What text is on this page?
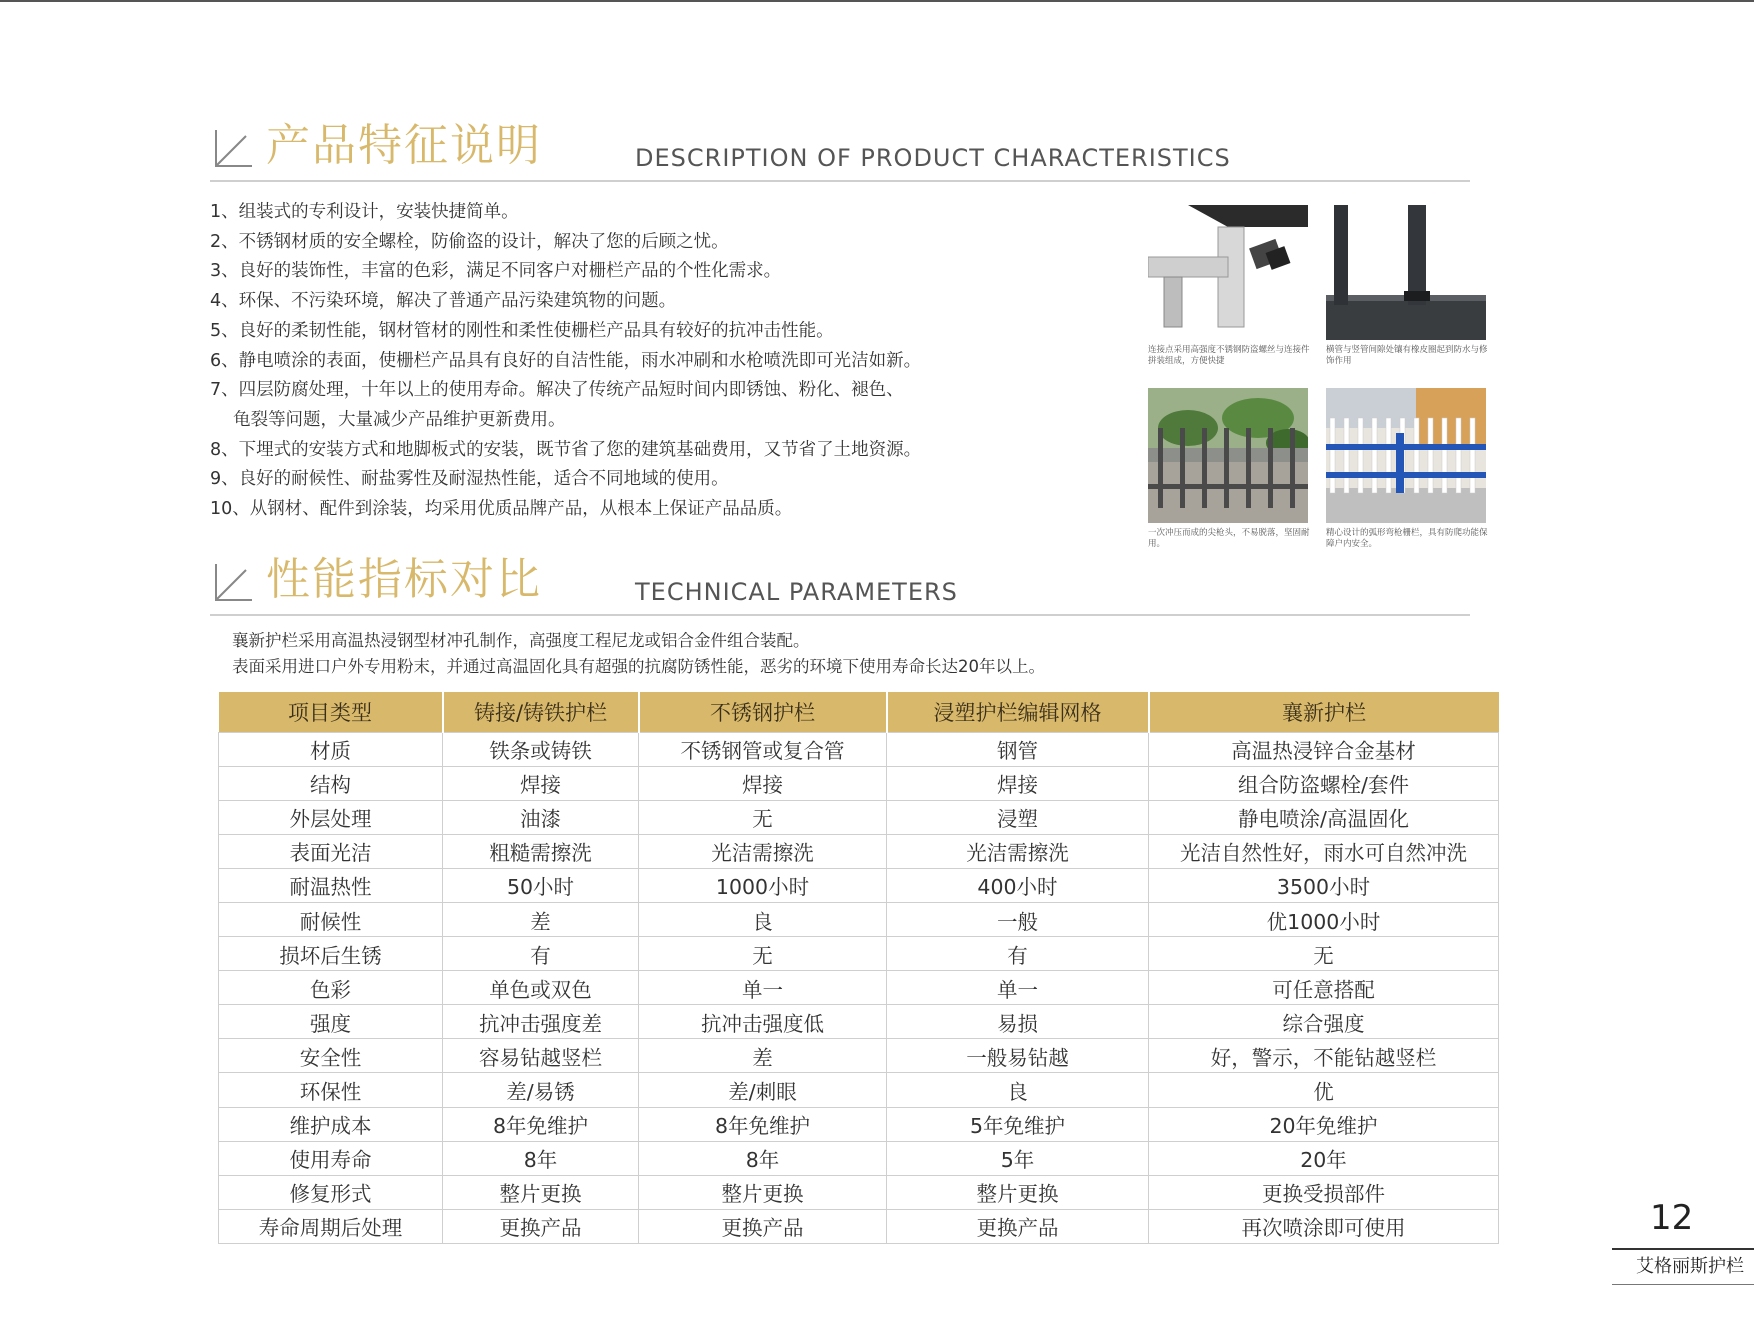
产品特征说明	DESCRIPTION OF PRODUCT CHARACTERISTICS
1、组装式的专利设计，安装快捷简单。
2、不锈钢材质的安全螺栓，防偷盗的设计，解决了您的后顾之忧。
3、良好的装饰性，丰富的色彩，满足不同客户对栅栏产品的个性化需求。
4、环保、不污染环境，解决了普通产品污染建筑物的问题。
5、良好的柔韧性能，钢材管材的刚性和柔性使栅栏产品具有较好的抗冲击性能。
6、静电喷涂的表面，使栅栏产品具有良好的自洁性能，雨水冲刷和水枪喷洗即可光洁如新。
7、四层防腐处理，十年以上的使用寿命。解决了传统产品短时间内即锈蚀、粉化、褪色、
　 龟裂等问题，大量减少产品维护更新费用。
8、下埋式的安装方式和地脚板式的安装，既节省了您的建筑基础费用，又节省了土地资源。
9、良好的耐候性、耐盐雾性及耐湿热性能，适合不同地域的使用。
10、从钢材、配件到涂装，均采用优质品牌产品，从根本上保证产品品质。
连接点采用高强度不锈钢防盗螺丝与连接件拼装组成，方便快捷
横管与竖管间隙处镶有橡皮圈起到防水与修饰作用
一次冲压而成的尖枪头，不易脱落，坚固耐用。
精心设计的弧形弯枪栅栏，具有防爬功能保障户内安全。
性能指标对比	TECHNICAL PARAMETERS

襄新护栏采用高温热浸钢型材冲孔制作，高强度工程尼龙或铝合金件组合装配。

表面采用进口户外专用粉末，并通过高温固化具有超强的抗腐防锈性能，恶劣的环境下使用寿命长达20年以上。

项目类型	铸接/铸铁护栏	不锈钢护栏	浸塑护栏编辑网格	襄新护栏
材质	铁条或铸铁	不锈钢管或复合管	钢管	高温热浸锌合金基材
结构	焊接	焊接	焊接	组合防盗螺栓/套件
外层处理	油漆	无	浸塑	静电喷涂/高温固化
表面光洁	粗糙需擦洗	光洁需擦洗	光洁需擦洗	光洁自然性好，雨水可自然冲洗
耐温热性	50小时	1000小时	400小时	3500小时
耐候性	差	良	一般	优1000小时
损坏后生锈	有	无	有	无
色彩	单色或双色	单一	单一	可任意搭配
强度	抗冲击强度差	抗冲击强度低	易损	综合强度
安全性	容易钻越竖栏	差	一般易钻越	好，警示，不能钻越竖栏
环保性	差/易锈	差/刺眼	良	优
维护成本	8年免维护	8年免维护	5年免维护	20年免维护
使用寿命	8年	8年	5年	20年
修复形式	整片更换	整片更换	整片更换	更换受损部件
寿命周期后处理	更换产品	更换产品	更换产品	再次喷涂即可使用	12
艾格丽斯护栏
